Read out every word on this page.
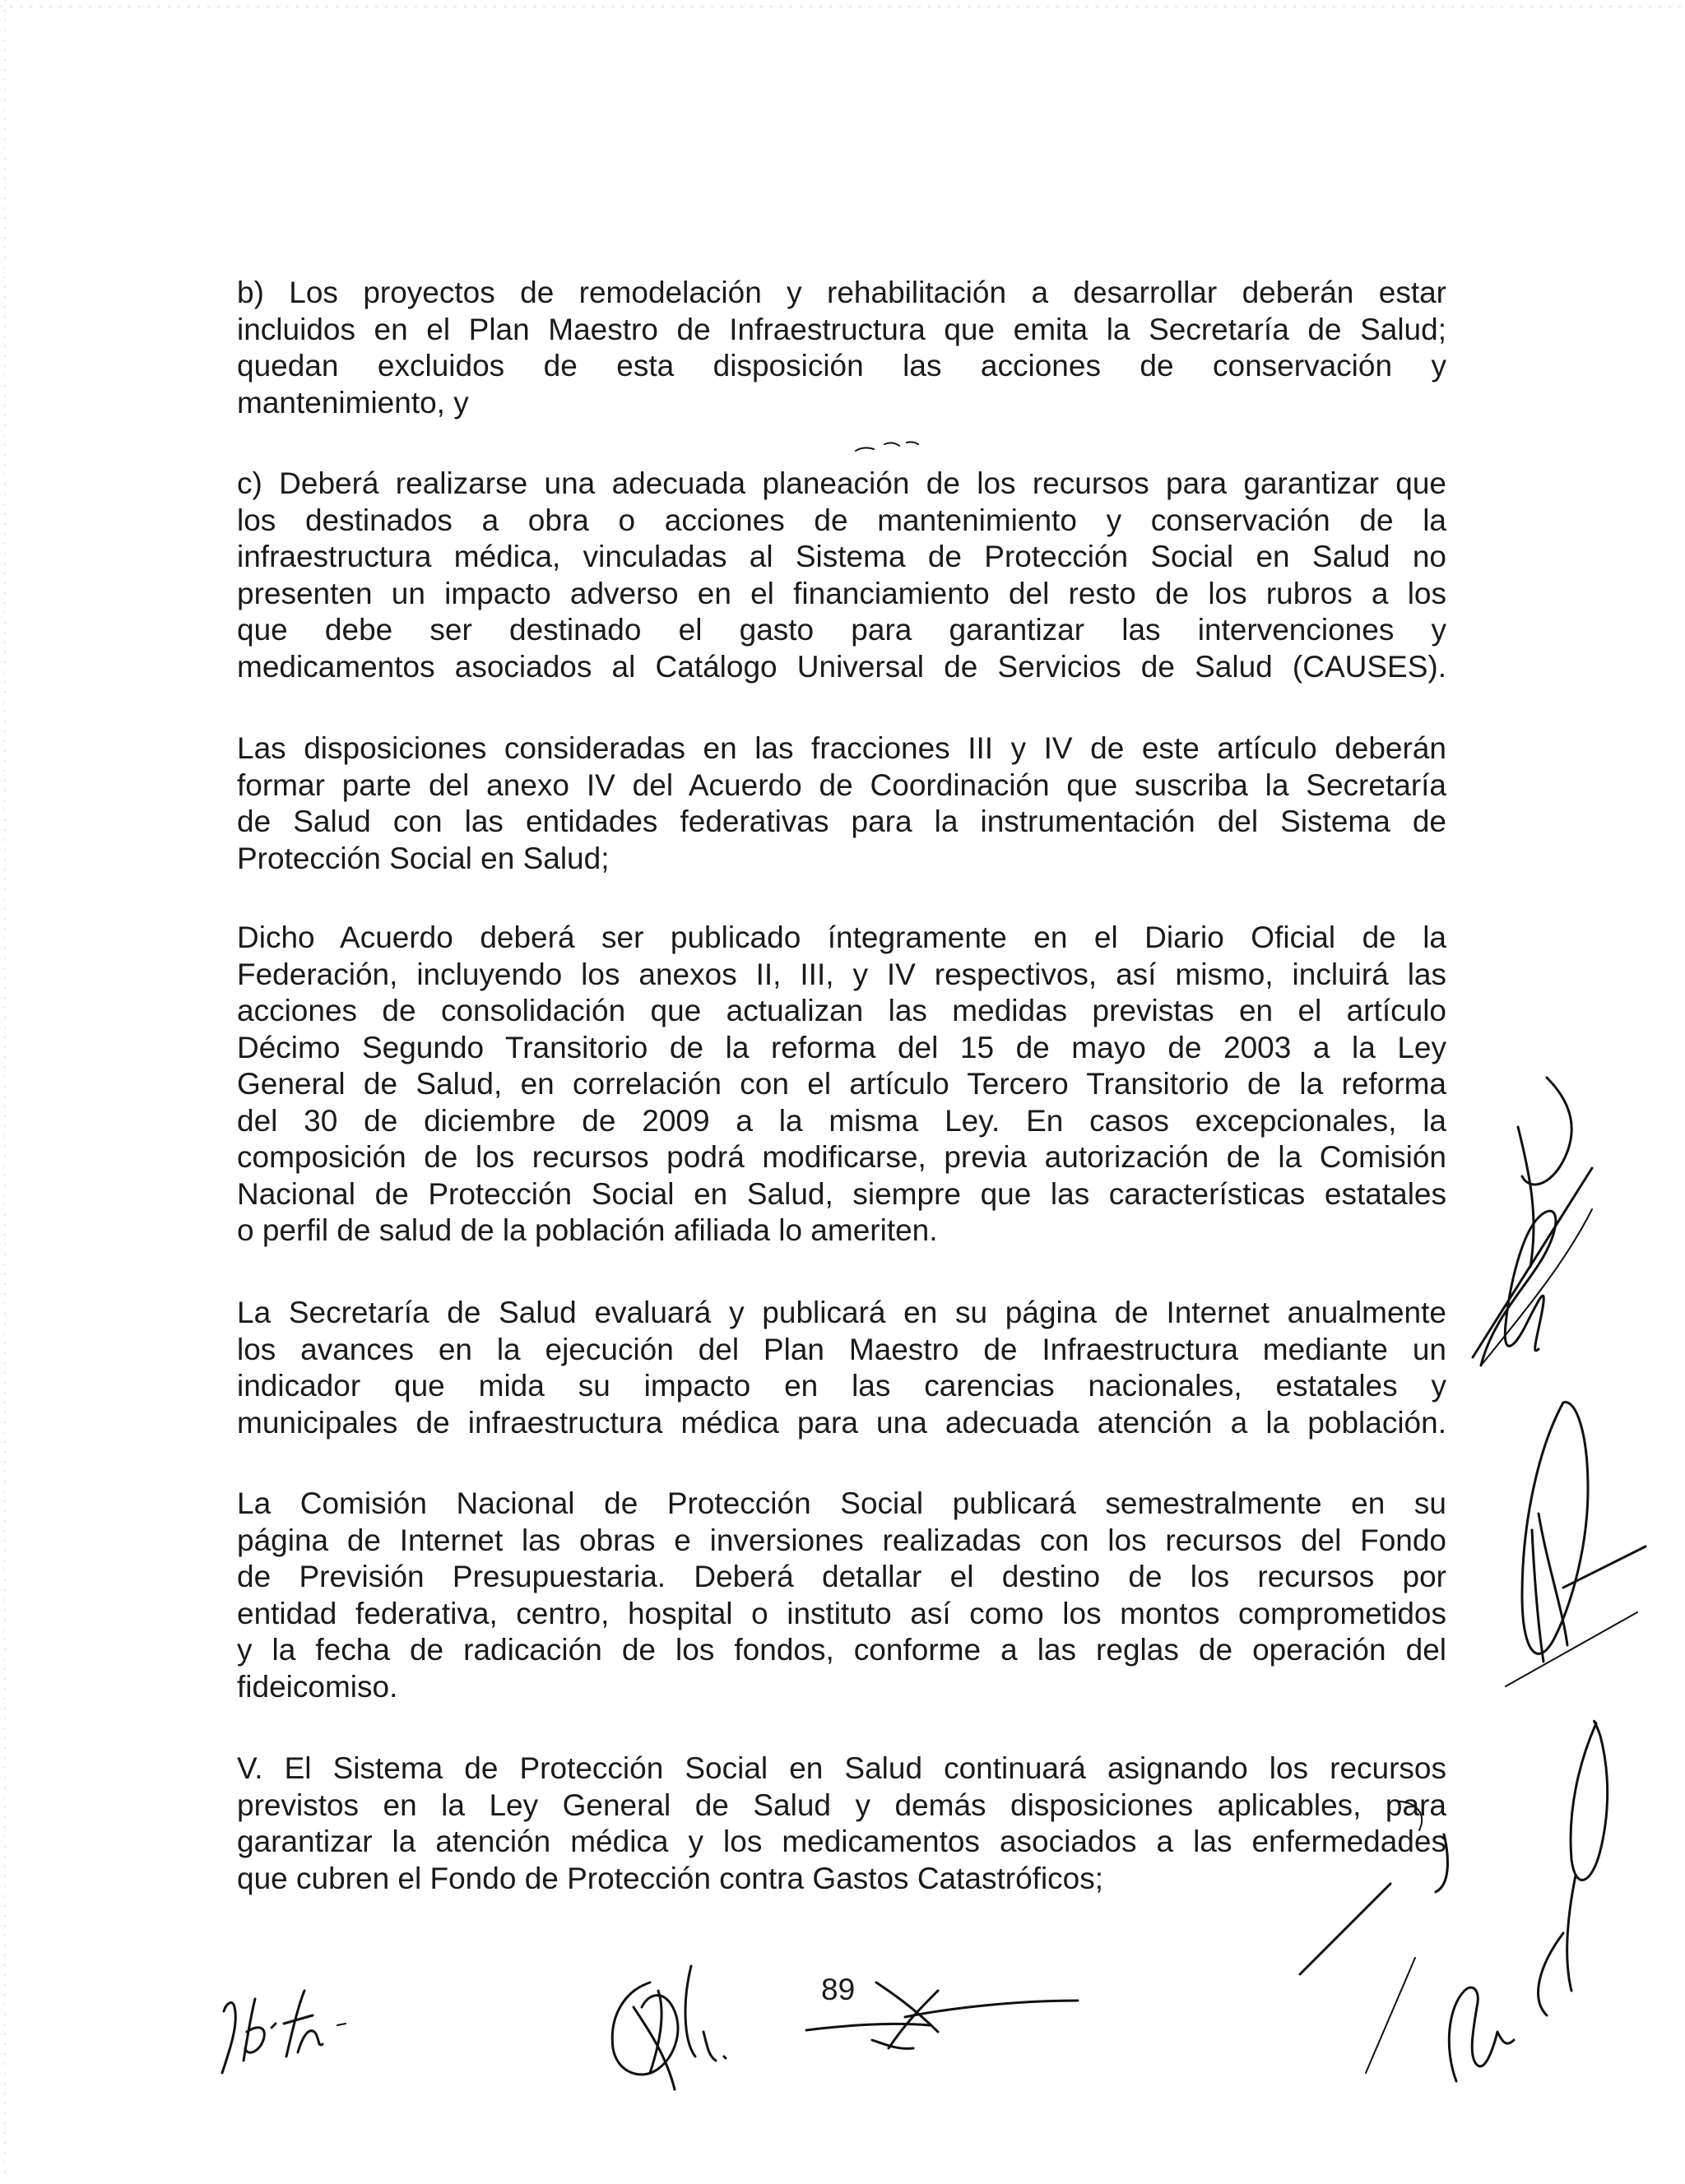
b) Los proyectos de remodelación y rehabilitación a desarrollar deberán estar
incluidos en el Plan Maestro de Infraestructura que emita la Secretaría de Salud;
quedan excluidos de esta disposición las acciones de conservación y
mantenimiento, y
c) Deberá realizarse una adecuada planeación de los recursos para garantizar que
los destinados a obra o acciones de mantenimiento y conservación de la
infraestructura médica, vinculadas al Sistema de Protección Social en Salud no
presenten un impacto adverso en el financiamiento del resto de los rubros a los
que debe ser destinado el gasto para garantizar las intervenciones y
medicamentos asociados al Catálogo Universal de Servicios de Salud (CAUSES).
Las disposiciones consideradas en las fracciones III y IV de este artículo deberán
formar parte del anexo IV del Acuerdo de Coordinación que suscriba la Secretaría
de Salud con las entidades federativas para la instrumentación del Sistema de
Protección Social en Salud;
Dicho Acuerdo deberá ser publicado íntegramente en el Diario Oficial de la
Federación, incluyendo los anexos II, III, y IV respectivos, así mismo, incluirá las
acciones de consolidación que actualizan las medidas previstas en el artículo
Décimo Segundo Transitorio de la reforma del 15 de mayo de 2003 a la Ley
General de Salud, en correlación con el artículo Tercero Transitorio de la reforma
del 30 de diciembre de 2009 a la misma Ley. En casos excepcionales, la
composición de los recursos podrá modificarse, previa autorización de la Comisión
Nacional de Protección Social en Salud, siempre que las características estatales
o perfil de salud de la población afiliada lo ameriten.
La Secretaría de Salud evaluará y publicará en su página de Internet anualmente
los avances en la ejecución del Plan Maestro de Infraestructura mediante un
indicador que mida su impacto en las carencias nacionales, estatales y
municipales de infraestructura médica para una adecuada atención a la población.
La Comisión Nacional de Protección Social publicará semestralmente en su
página de Internet las obras e inversiones realizadas con los recursos del Fondo
de Previsión Presupuestaria. Deberá detallar el destino de los recursos por
entidad federativa, centro, hospital o instituto así como los montos comprometidos
y la fecha de radicación de los fondos, conforme a las reglas de operación del
fideicomiso.
V. El Sistema de Protección Social en Salud continuará asignando los recursos
previstos en la Ley General de Salud y demás disposiciones aplicables, para
garantizar la atención médica y los medicamentos asociados a las enfermedades
que cubren el Fondo de Protección contra Gastos Catastróficos;
89
